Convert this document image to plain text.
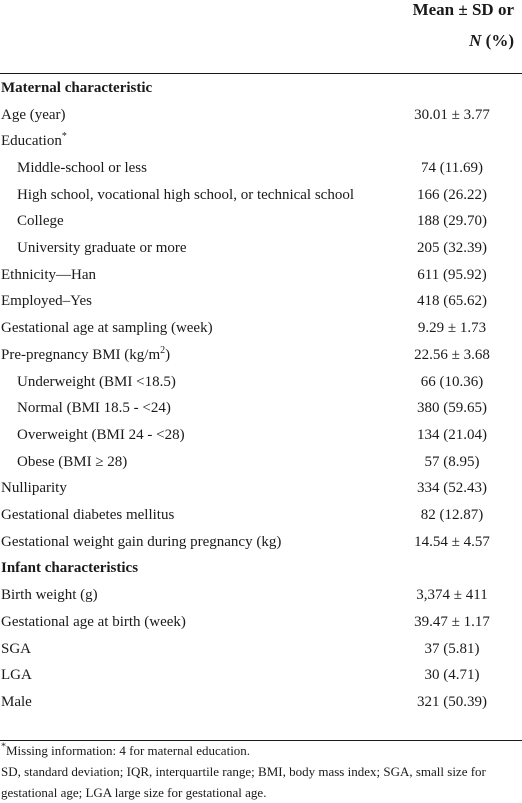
Mean ± SD or
N (%)
Maternal characteristic
Age (year)	30.01 ± 3.77
Education*
Middle-school or less	74 (11.69)
High school, vocational high school, or technical school	166 (26.22)
College	188 (29.70)
University graduate or more	205 (32.39)
Ethnicity—Han	611 (95.92)
Employed–Yes	418 (65.62)
Gestational age at sampling (week)	9.29 ± 1.73
Pre-pregnancy BMI $(kg/m^2)$	22.56 ± 3.68
Underweight (BMI <18.5)	66 (10.36)
Normal (BMI 18.5 - <24)	380 (59.65)
Overweight (BMI 24 - <28)	134 (21.04)
Obese (BMI ≥ 28)	57 (8.95)
Nulliparity	334 (52.43)
Gestational diabetes mellitus	82 (12.87)
Gestational weight gain during pregnancy (kg)	14.54 ± 4.57
Infant characteristics
Birth weight (g)	3,374 ± 411
Gestational age at birth (week)	39.47 ± 1.17
SGA	37 (5.81)
LGA	30 (4.71)
Male	321 (50.39)
*Missing information: 4 for maternal education.
SD, standard deviation; IQR, interquartile range; BMI, body mass index; SGA, small size for gestational age; LGA large size for gestational age.
